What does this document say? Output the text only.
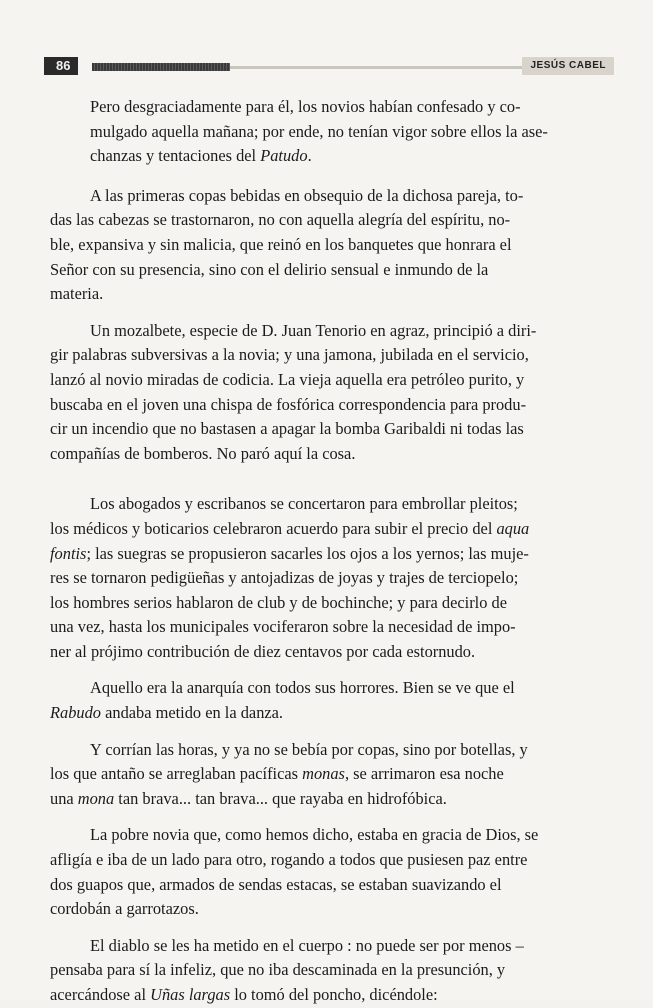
86	JESÚS CABEL

Pero desgraciadamente para él, los novios habían confesado y co-
mulgado aquella mañana; por ende, no tenían vigor sobre ellos la ase-
chanzas y tentaciones del Patudo.

A las primeras copas bebidas en obsequio de la dichosa pareja, to-
das las cabezas se trastornaron, no con aquella alegría del espíritu, no-
ble, expansiva y sin malicia, que reinó en los banquetes que honrara el
Señor con su presencia, sino con el delirio sensual e inmundo de la
materia.

Un mozalbete, especie de D. Juan Tenorio en agraz, principió a diri-
gir palabras subversivas a la novia; y una jamona, jubilada en el servicio,
lanzó al novio miradas de codicia. La vieja aquella era petróleo purito, y
buscaba en el joven una chispa de fosfórica correspondencia para produ-
cir un incendio que no bastasen a apagar la bomba Garibaldi ni todas las
compañías de bomberos. No paró aquí la cosa.

Los abogados y escribanos se concertaron para embrollar pleitos;
los médicos y boticarios celebraron acuerdo para subir el precio del aqua
fontis; las suegras se propusieron sacarles los ojos a los yernos; las muje-
res se tornaron pedigüeñas y antojadizas de joyas y trajes de terciopelo;
los hombres serios hablaron de club y de bochinche; y para decirlo de
una vez, hasta los municipales vociferaron sobre la necesidad de impo-
ner al prójimo contribución de diez centavos por cada estornudo.

Aquello era la anarquía con todos sus horrores. Bien se ve que el
Rabudo andaba metido en la danza.

Y corrían las horas, y ya no se bebía por copas, sino por botellas, y
los que antaño se arreglaban pacíficas monas, se arrimaron esa noche
una mona tan brava... tan brava... que rayaba en hidrofóbica.

La pobre novia que, como hemos dicho, estaba en gracia de Dios, se
afligía e iba de un lado para otro, rogando a todos que pusiesen paz entre
dos guapos que, armados de sendas estacas, se estaban suavizando el
cordobán a garrotazos.

El diablo se les ha metido en el cuerpo : no puede ser por menos –
pensaba para sí la infeliz, que no iba descaminada en la presunción, y
acercándose al Uñas largas lo tomó del poncho, dicéndole:
